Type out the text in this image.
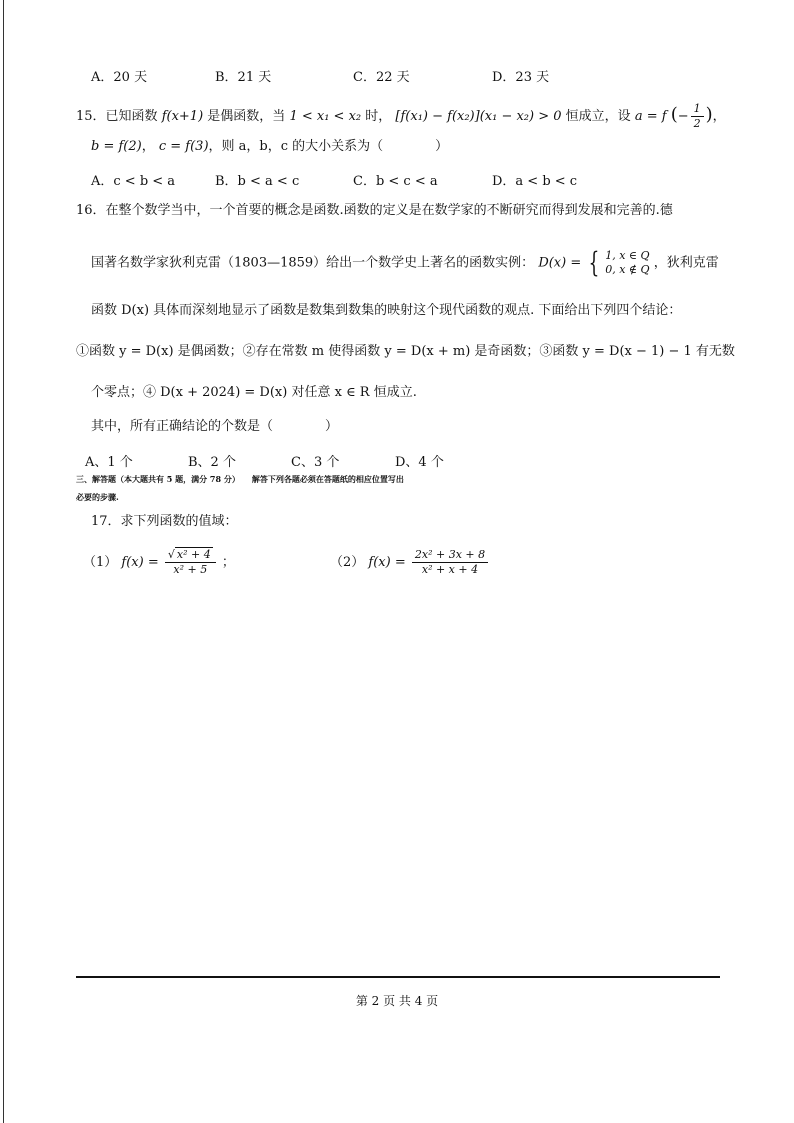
A．20 天	B．21 天	C．22 天	D．23 天
15．已知函数 f(x+1) 是偶函数，当 1 < x₁ < x₂ 时， [f(x₁) − f(x₂)](x₁ − x₂) > 0 恒成立，设 a = f (− $\frac{1}{2}$ )，
b = f(2)， c = f(3)，则 a，b，c 的大小关系为（　　　　）
A．c < b < a	B．b < a < c	C．b < c < a	D．a < b < c
16．在整个数学当中，一个首要的概念是函数.函数的定义是在数学家的不断研究而得到发展和完善的.德
国著名数学家狄利克雷（1803—1859）给出一个数学史上著名的函数实例： D(x) = { 1, x ∈ Q
0, x ∉ Q ，狄利克雷
函数 D(x) 具体而深刻地显示了函数是数集到数集的映射这个现代函数的观点. 下面给出下列四个结论：
①函数 y = D(x) 是偶函数；②存在常数 m 使得函数 y = D(x + m) 是奇函数；③函数 y = D(x − 1) − 1 有无数
个零点；④ D(x + 2024) = D(x) 对任意 x ∈ R 恒成立.
其中，所有正确结论的个数是（　　　　）
A、1 个	B、2 个	C、3 个	D、4 个
三、解答题（本大题共有 5 题，满分 78 分）　　解答下列各题必须在答题纸的相应位置写出
必要的步骤.
17．求下列函数的值域：
（1） $f(x) = \frac{\text{√ x² + 4}}{\text{x² + 5}}$ ；	（2） $f(x) = \frac{\text{2x² + 3x + 8}}{\text{x² + x + 4}}$
第 2 页 共 4 页
